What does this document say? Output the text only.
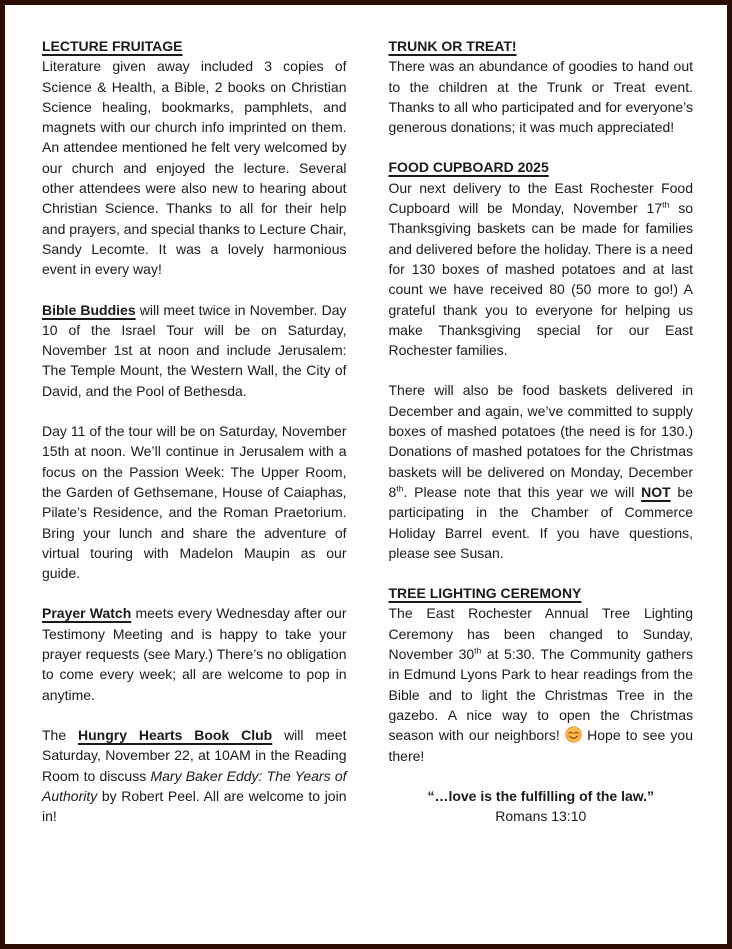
LECTURE FRUITAGE

Literature given away included 3 copies of Science & Health, a Bible, 2 books on Christian Science healing, bookmarks, pamphlets, and magnets with our church info imprinted on them. An attendee mentioned he felt very welcomed by our church and enjoyed the lecture. Several other attendees were also new to hearing about Christian Science. Thanks to all for their help and prayers, and special thanks to Lecture Chair, Sandy Lecomte. It was a lovely harmonious event in every way!

Bible Buddies will meet twice in November. Day 10 of the Israel Tour will be on Saturday, November 1st at noon and include Jerusalem: The Temple Mount, the Western Wall, the City of David, and the Pool of Bethesda.

Day 11 of the tour will be on Saturday, November 15th at noon. We’ll continue in Jerusalem with a focus on the Passion Week: The Upper Room, the Garden of Gethsemane, House of Caiaphas, Pilate’s Residence, and the Roman Praetorium. Bring your lunch and share the adventure of virtual touring with Madelon Maupin as our guide.

Prayer Watch meets every Wednesday after our Testimony Meeting and is happy to take your prayer requests (see Mary.) There’s no obligation to come every week; all are welcome to pop in anytime.

The Hungry Hearts Book Club will meet Saturday, November 22, at 10AM in the Reading Room to discuss Mary Baker Eddy: The Years of Authority by Robert Peel. All are welcome to join in!

TRUNK OR TREAT!

There was an abundance of goodies to hand out to the children at the Trunk or Treat event. Thanks to all who participated and for everyone’s generous donations; it was much appreciated!

FOOD CUPBOARD 2025

Our next delivery to the East Rochester Food Cupboard will be Monday, November 17th so Thanksgiving baskets can be made for families and delivered before the holiday. There is a need for 130 boxes of mashed potatoes and at last count we have received 80 (50 more to go!) A grateful thank you to everyone for helping us make Thanksgiving special for our East Rochester families.

There will also be food baskets delivered in December and again, we’ve committed to supply boxes of mashed potatoes (the need is for 130.) Donations of mashed potatoes for the Christmas baskets will be delivered on Monday, December 8th. Please note that this year we will NOT be participating in the Chamber of Commerce Holiday Barrel event. If you have questions, please see Susan.

TREE LIGHTING CEREMONY

The East Rochester Annual Tree Lighting Ceremony has been changed to Sunday, November 30th at 5:30. The Community gathers in Edmund Lyons Park to hear readings from the Bible and to light the Christmas Tree in the gazebo. A nice way to open the Christmas season with our neighbors!  Hope to see you there!

“…love is the fulfilling of the law.”
Romans 13:10
